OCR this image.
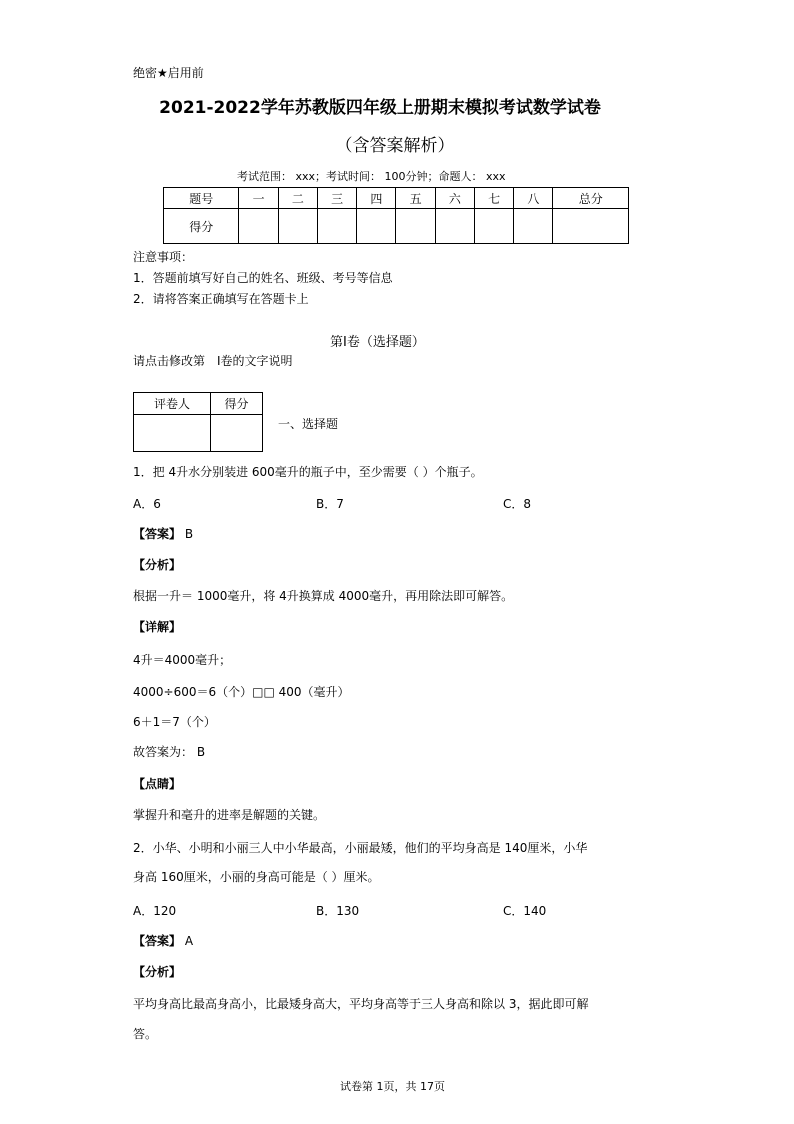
绝密★启用前
2021-2022学年苏教版四年级上册期末模拟考试数学试卷
（含答案解析）
考试范围： xxx；考试时间： 100分钟；命题人： xxx
题号	一	二	三	四	五	六	七	八	总分
得分									
注意事项：
1．答题前填写好自己的姓名、班级、考号等信息
2．请将答案正确填写在答题卡上
第Ⅰ卷（选择题）
请点击修改第　Ⅰ卷的文字说明
评卷人	得分

一、选择题
1．把 4升水分别装进 600毫升的瓶子中，至少需要（ ）个瓶子。
A．6	B．7	C．8
【答案】 B
【分析】
根据一升＝ 1000毫升，将 4升换算成 4000毫升，再用除法即可解答。
【详解】
4升＝4000毫升；
4000÷600＝6（个）□□ 400（毫升）
6＋1＝7（个）
故答案为： B
【点睛】
掌握升和毫升的进率是解题的关键。
2．小华、小明和小丽三人中小华最高，小丽最矮，他们的平均身高是 140厘米，小华
身高 160厘米，小丽的身高可能是（ ）厘米。
A．120	B．130	C．140
【答案】 A
【分析】
平均身高比最高身高小，比最矮身高大，平均身高等于三人身高和除以 3，据此即可解
答。
试卷第 1页，共 17页
